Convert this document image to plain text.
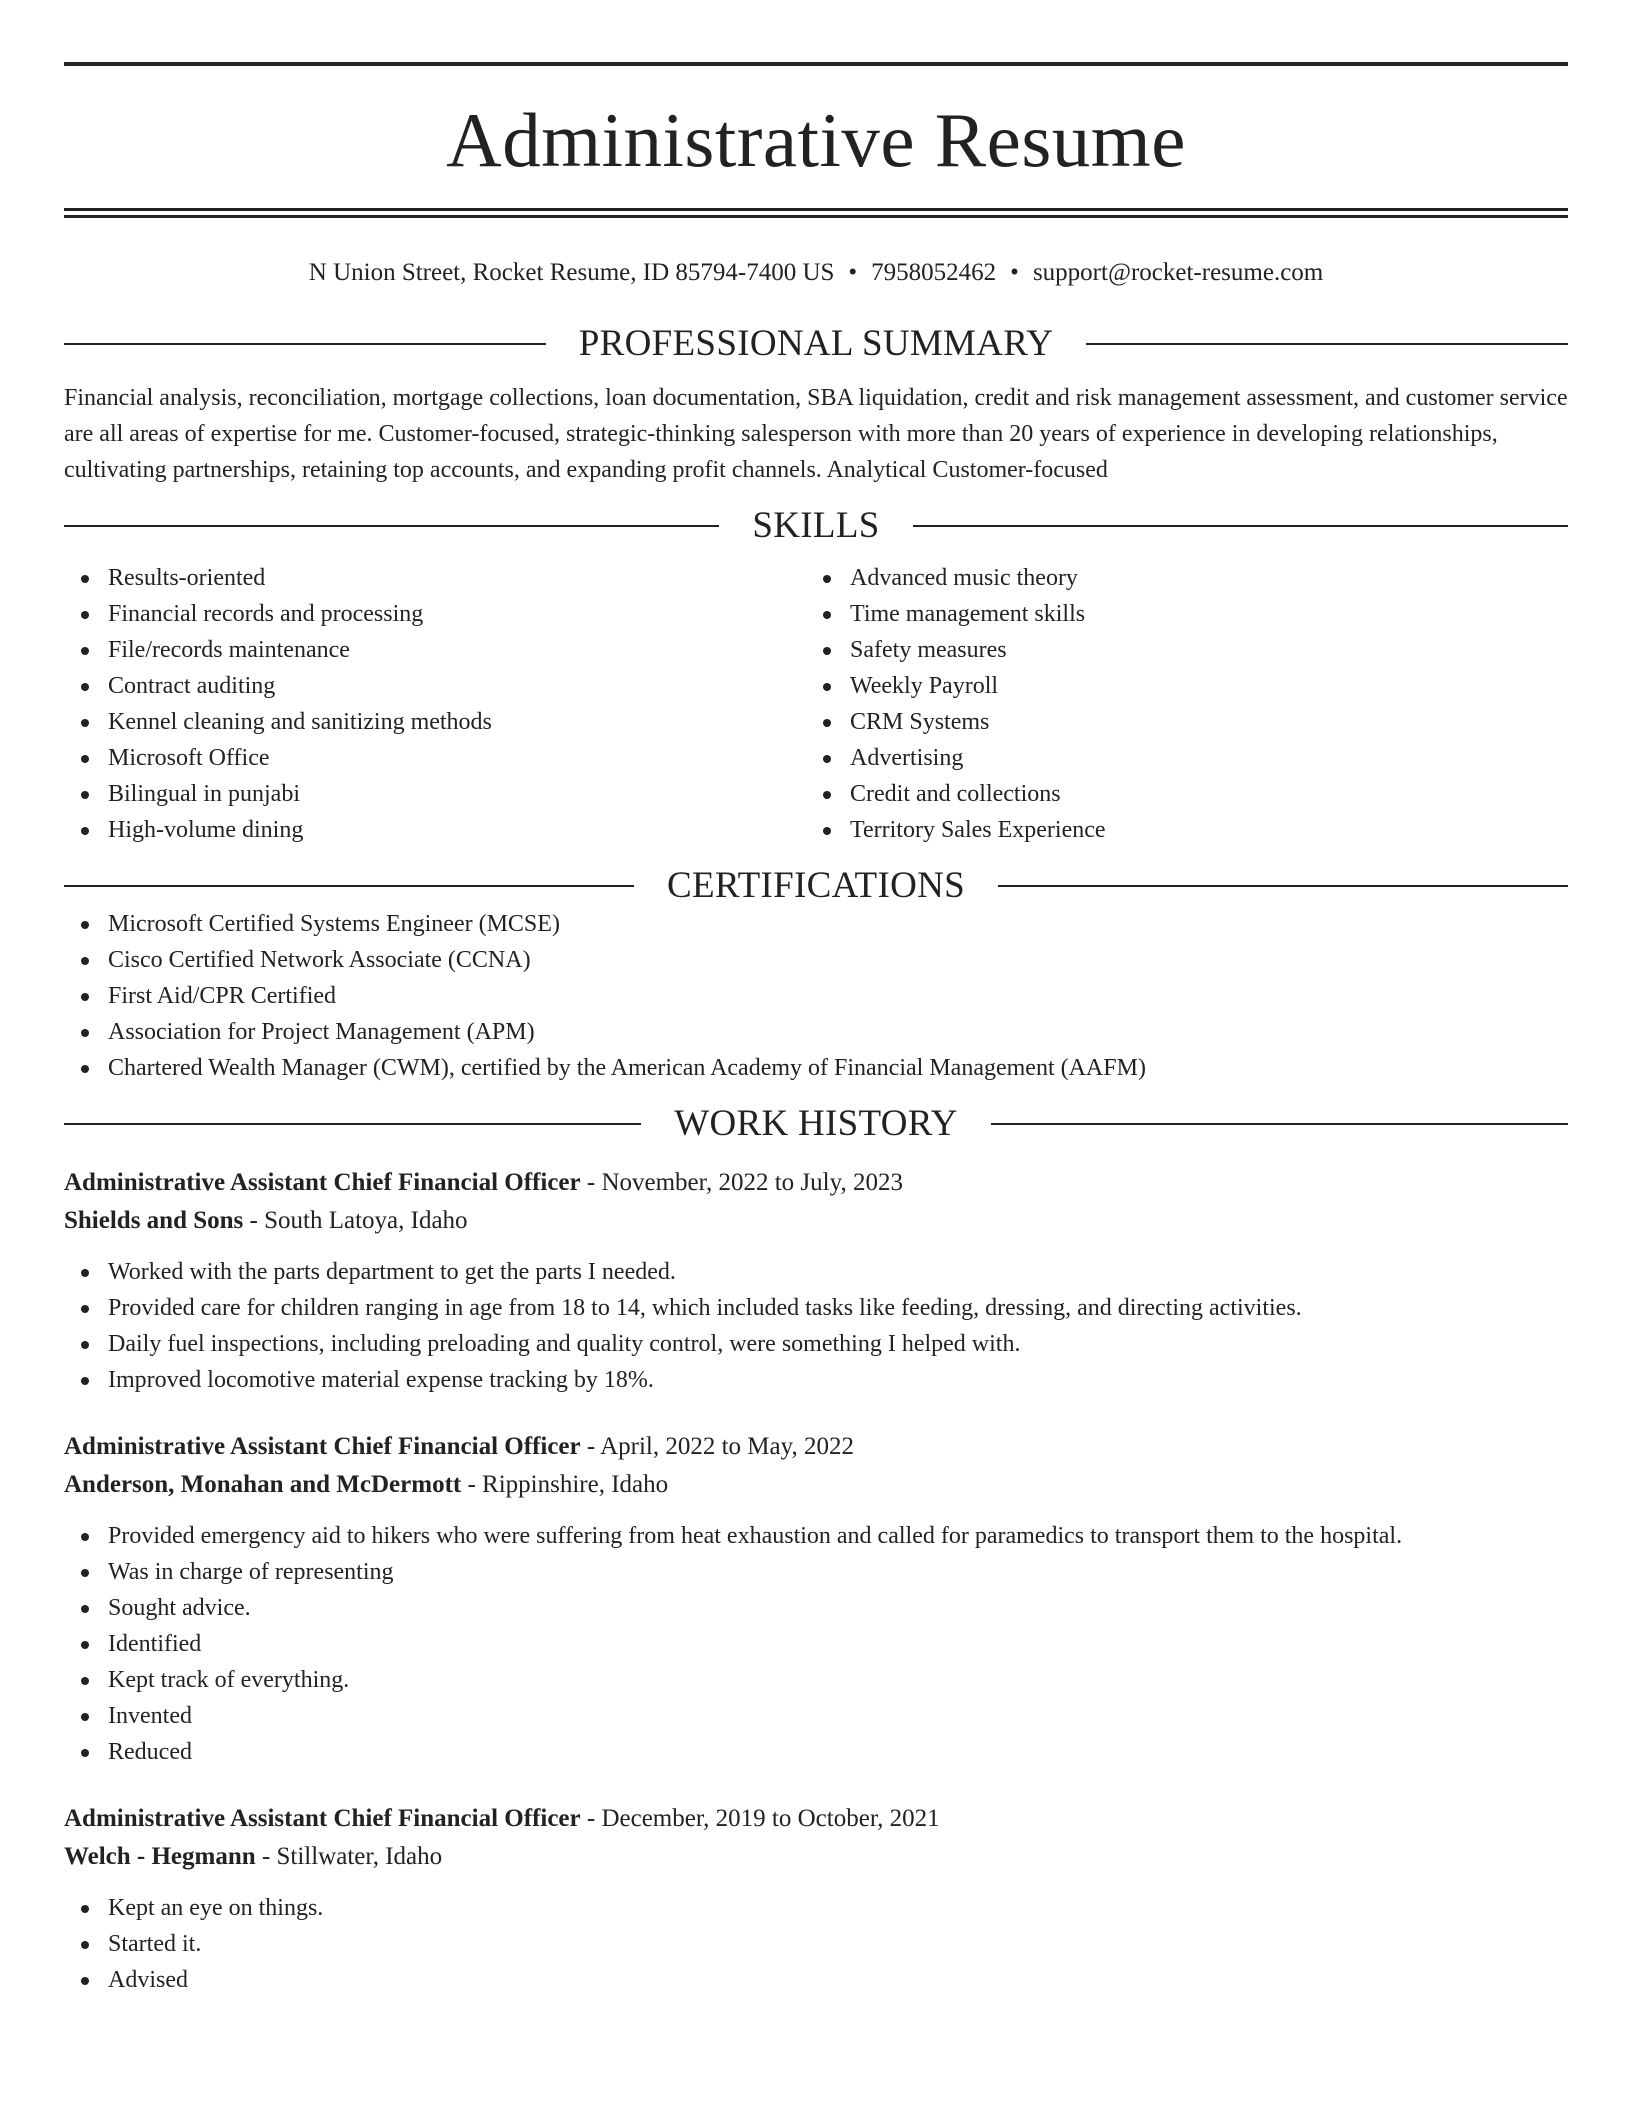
Administrative Resume
N Union Street, Rocket Resume, ID 85794-7400 US • 7958052462 • support@rocket-resume.com
PROFESSIONAL SUMMARY
Financial analysis, reconciliation, mortgage collections, loan documentation, SBA liquidation, credit and risk management assessment, and customer service are all areas of expertise for me. Customer-focused, strategic-thinking salesperson with more than 20 years of experience in developing relationships, cultivating partnerships, retaining top accounts, and expanding profit channels. Analytical Customer-focused
SKILLS
Results-oriented
Financial records and processing
File/records maintenance
Contract auditing
Kennel cleaning and sanitizing methods
Microsoft Office
Bilingual in punjabi
High-volume dining
Advanced music theory
Time management skills
Safety measures
Weekly Payroll
CRM Systems
Advertising
Credit and collections
Territory Sales Experience
CERTIFICATIONS
Microsoft Certified Systems Engineer (MCSE)
Cisco Certified Network Associate (CCNA)
First Aid/CPR Certified
Association for Project Management (APM)
Chartered Wealth Manager (CWM), certified by the American Academy of Financial Management (AAFM)
WORK HISTORY
Administrative Assistant Chief Financial Officer - November, 2022 to July, 2023
Shields and Sons - South Latoya, Idaho
Worked with the parts department to get the parts I needed.
Provided care for children ranging in age from 18 to 14, which included tasks like feeding, dressing, and directing activities.
Daily fuel inspections, including preloading and quality control, were something I helped with.
Improved locomotive material expense tracking by 18%.
Administrative Assistant Chief Financial Officer - April, 2022 to May, 2022
Anderson, Monahan and McDermott - Rippinshire, Idaho
Provided emergency aid to hikers who were suffering from heat exhaustion and called for paramedics to transport them to the hospital.
Was in charge of representing
Sought advice.
Identified
Kept track of everything.
Invented
Reduced
Administrative Assistant Chief Financial Officer - December, 2019 to October, 2021
Welch - Hegmann - Stillwater, Idaho
Kept an eye on things.
Started it.
Advised
